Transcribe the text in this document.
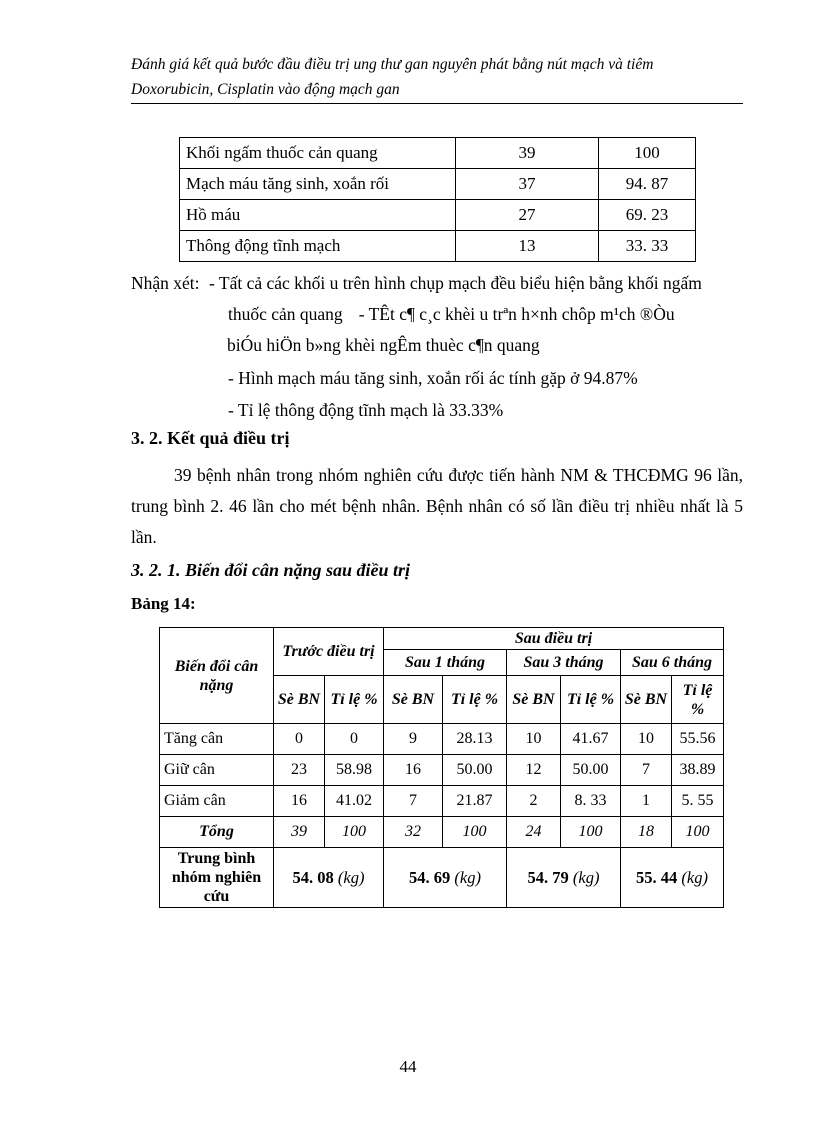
Đánh giá kết quả bước đầu điều trị ung thư gan nguyên phát bằng nút mạch và tiêm
Doxorubicin, Cisplatin vào động mạch gan
Khối ngấm thuốc cản quang	39	100
Mạch máu tăng sinh, xoắn rối	37	94. 87
Hồ máu	27	69. 23
Thông động tĩnh mạch	13	33. 33
Nhận xét: - Tất cả các khối u trên hình chụp mạch đều biểu hiện bằng khối ngấm
thuốc cản quang - TÊt c¶ c¸c khèi u trªn h×nh chôp m¹ch ®Òu
biÓu hiÖn b»ng khèi ngÊm thuèc c¶n quang
- Hình mạch máu tăng sinh, xoắn rối ác tính gặp ở 94.87%
- Tỉ lệ thông động tĩnh mạch là 33.33%
3. 2. Kết quả điều trị
39 bệnh nhân trong nhóm nghiên cứu được tiến hành NM & THCĐMG 96 lần, trung bình 2. 46 lần cho mét bệnh nhân. Bệnh nhân có số lần điều trị nhiều nhất là 5 lần.
3. 2. 1. Biến đổi cân nặng sau điều trị
Bảng 14:
Biến đổi cân nặng	Trước điều trị		Sau điều trị					
			Sau 1 tháng		Sau 3 tháng		Sau 6 tháng	
	Sè BN	Tỉ lệ %	Sè BN	Tỉ lệ %	Sè BN	Tỉ lệ %	Sè BN	Tỉ lệ %
Tăng cân	0	0	9	28.13	10	41.67	10	55.56
Giữ cân	23	58.98	16	50.00	12	50.00	7	38.89
Giảm cân	16	41.02	7	21.87	2	8. 33	1	5. 55
Tổng	39	100	32	100	24	100	18	100
Trung bình nhóm nghiên cứu	54. 08 (kg)		54. 69 (kg)		54. 79 (kg)		55. 44 (kg)	
44
